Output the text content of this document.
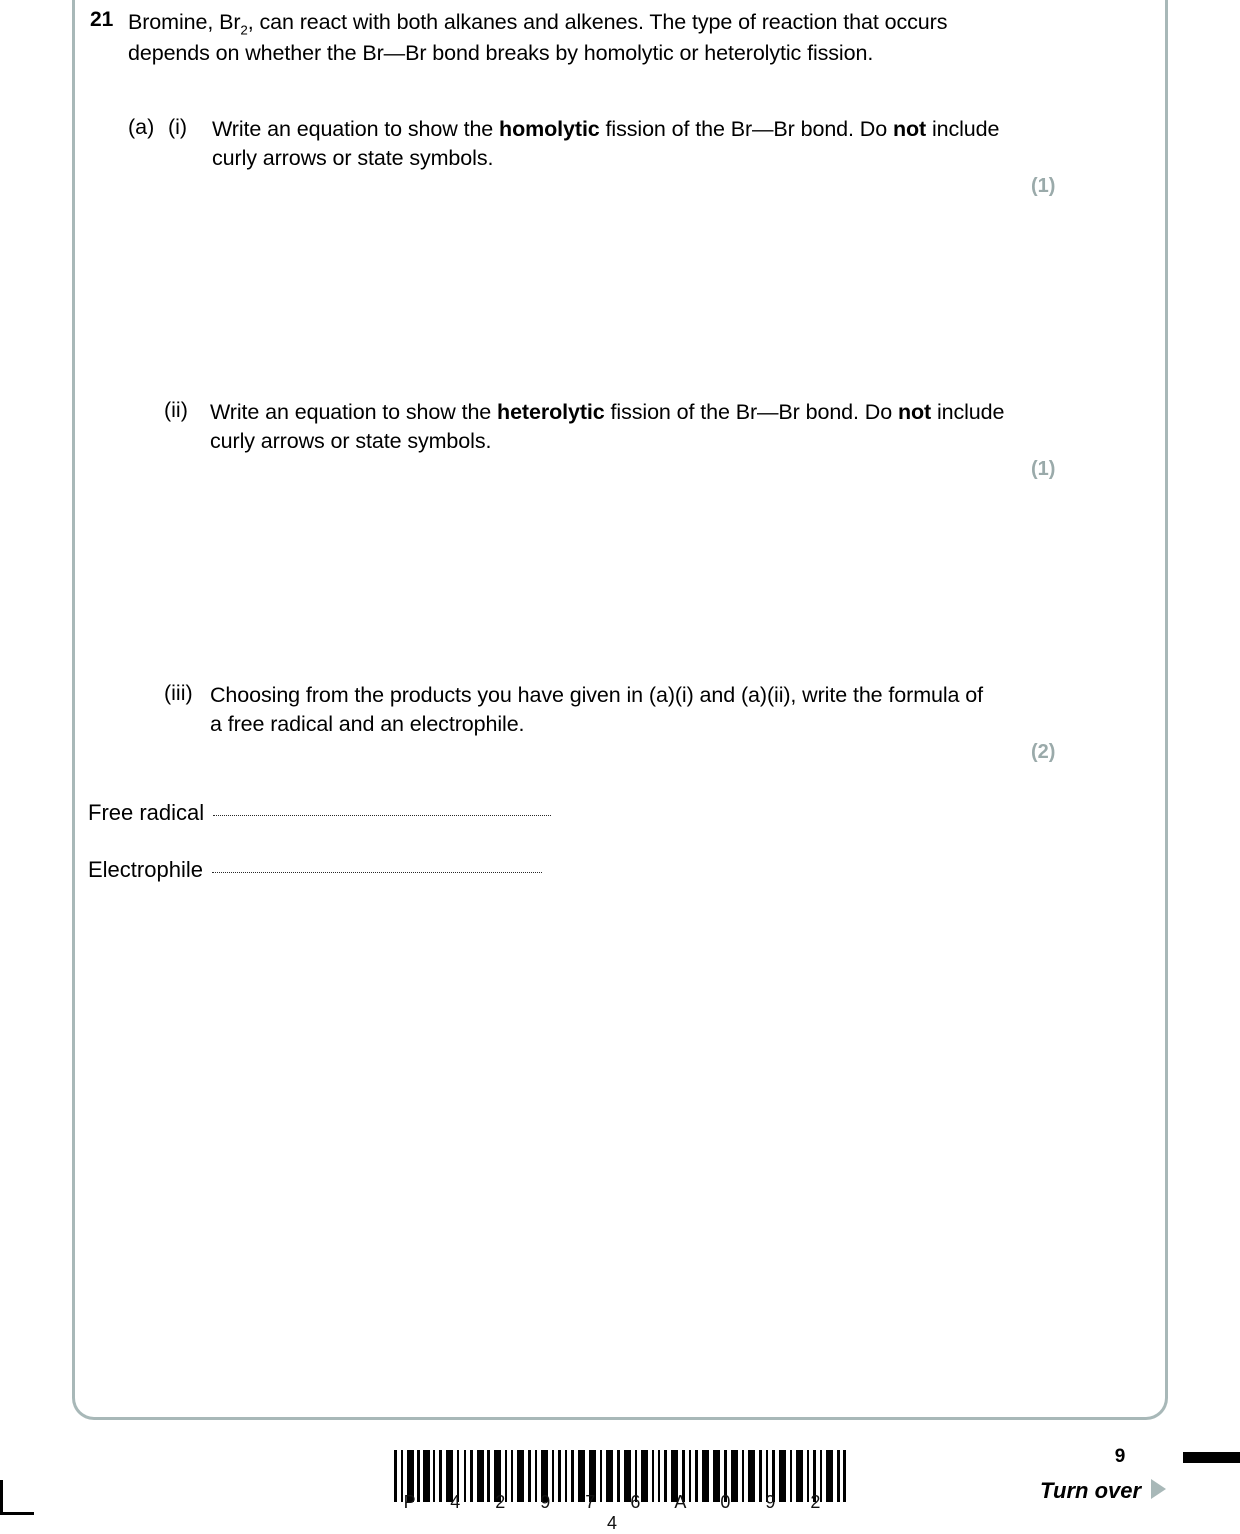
21 Bromine, $Br_2$, can react with both alkanes and alkenes. The type of reaction that occurs depends on whether the Br—Br bond breaks by homolytic or heterolytic fission.
(a) (i)	Write an equation to show the homolytic fission of the Br—Br bond. Do not include curly arrows or state symbols.
(1)
(ii)	Write an equation to show the heterolytic fission of the Br—Br bond. Do not include curly arrows or state symbols.
(1)
(iii) Choosing from the products you have given in (a)(i) and (a)(ii), write the formula of a free radical and an electrophile.
(2)
Free radical
Electrophile
P 4 2 9 7 6 A 0 9 2 4
9
Turn over
